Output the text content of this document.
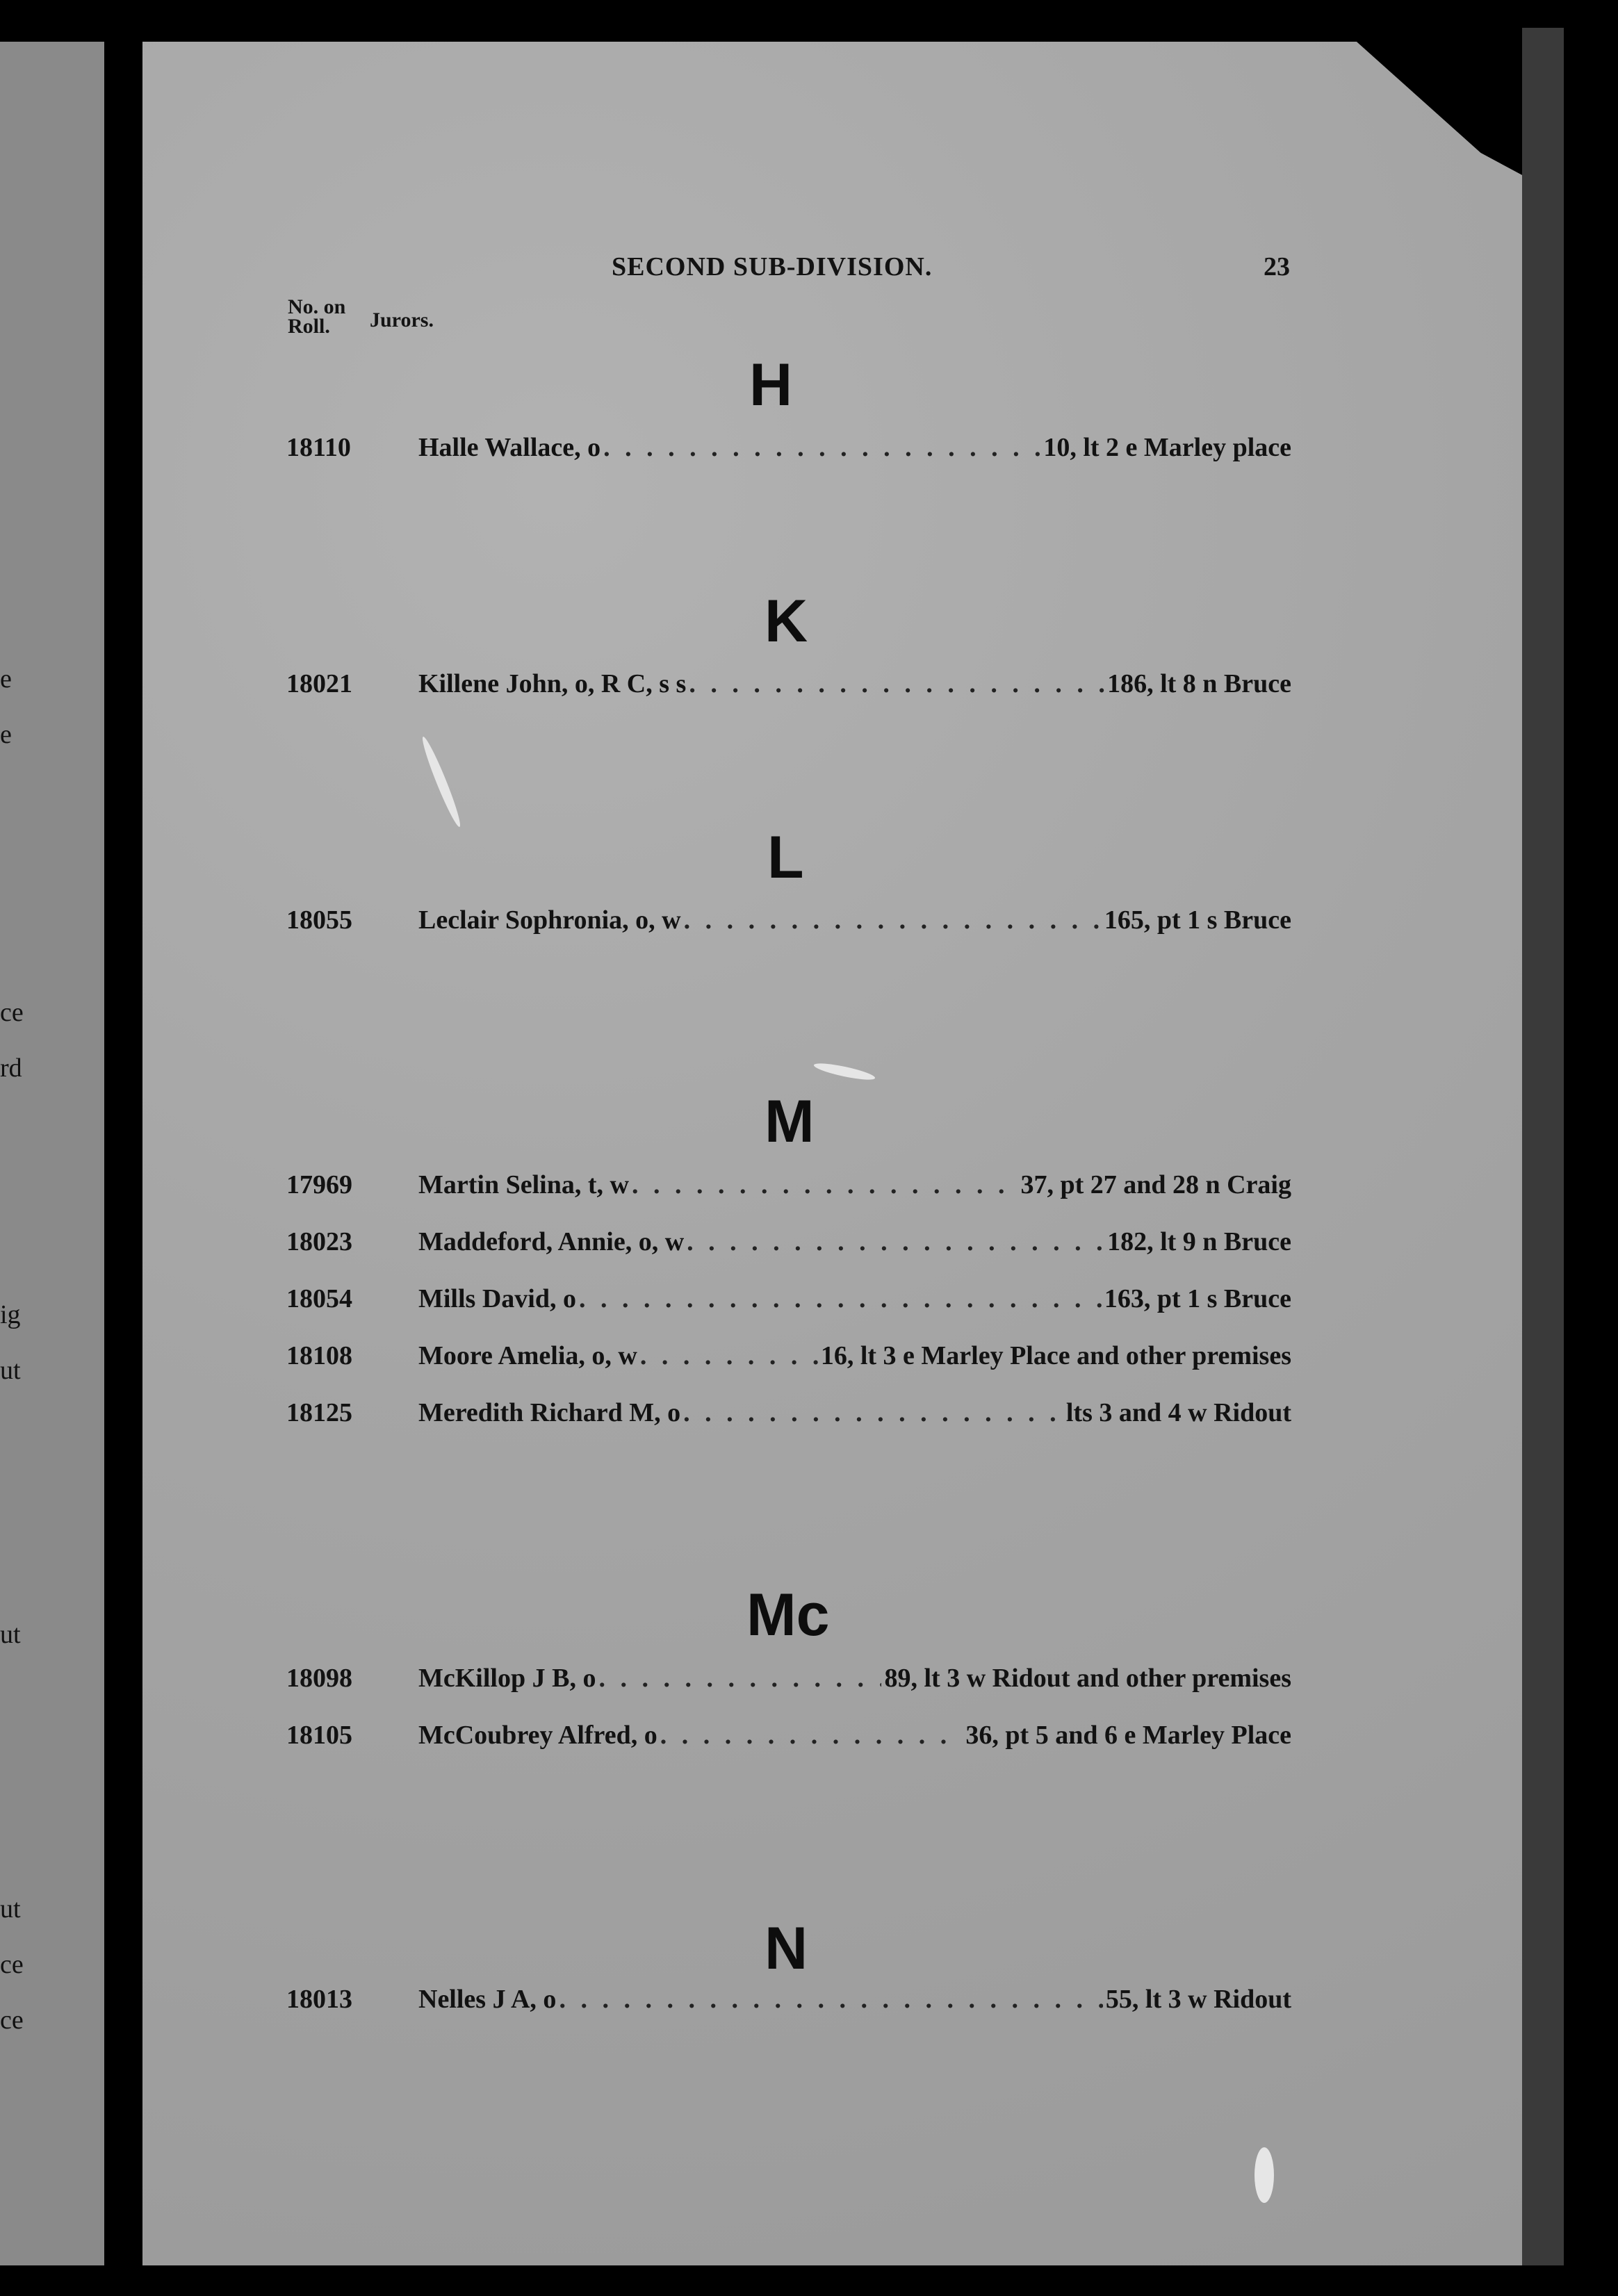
e
e
ce
rd
ig
ut
ut
ut
ce
ce
SECOND SUB-DIVISION.	23
No. on
Roll.	Jurors.
H
18110	Halle Wallace, o . . .	10, lt 2 e Marley place
K
18021	Killene John, o, R C, s s . . .	186, lt 8 n Bruce
L
18055	Leclair Sophronia, o, w . . .	165, pt 1 s Bruce
M
17969	Martin Selina, t, w . . .	37, pt 27 and 28 n Craig
18023	Maddeford, Annie, o, w . . .	182, lt 9 n Bruce
18054	Mills David, o . . .	163, pt 1 s Bruce
18108	Moore Amelia, o, w . . .	16, lt 3 e Marley Place and other premises
18125	Meredith Richard M, o . . .	lts 3 and 4 w Ridout
Mc
18098	McKillop J B, o . . .	89, lt 3 w Ridout and other premises
18105	McCoubrey Alfred, o . . .	36, pt 5 and 6 e Marley Place
N
18013	Nelles J A, o . . .	55, lt 3 w Ridout
